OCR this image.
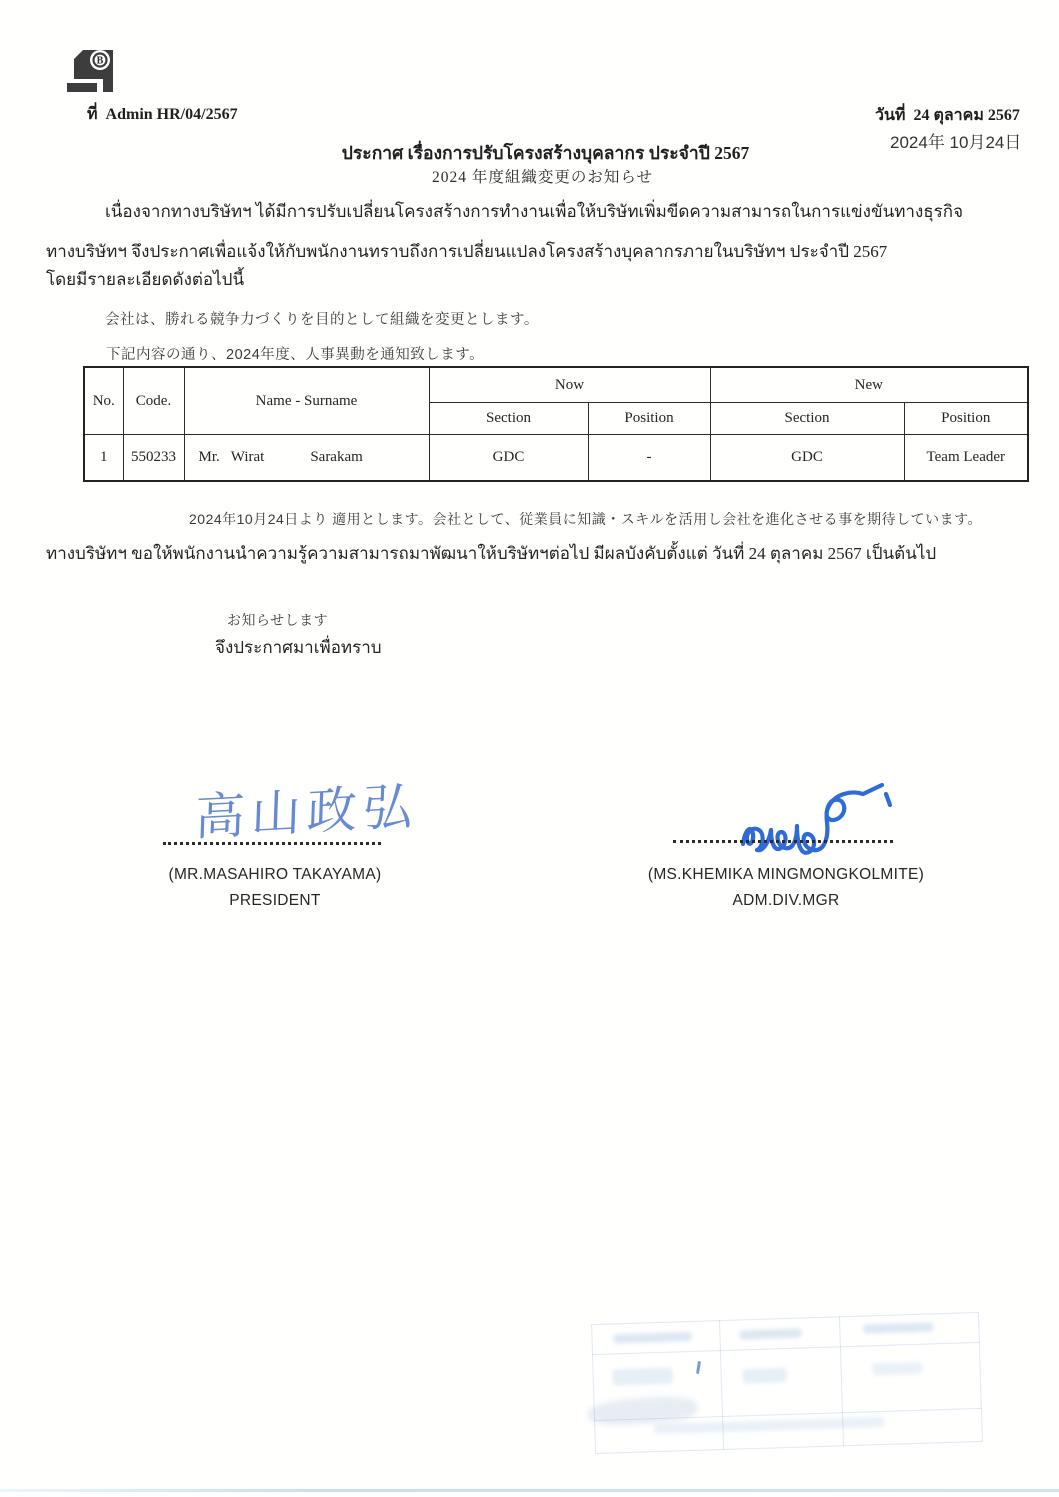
B
ที่  Admin HR/04/2567	วันที่  24 ตุลาคม 2567
2024年 10月24日
ประกาศ เรื่องการปรับโครงสร้างบุคลากร ประจำปี 2567
2024 年度組織変更のお知らせ
เนื่องจากทางบริษัทฯ ได้มีการปรับเปลี่ยนโครงสร้างการทำงานเพื่อให้บริษัทเพิ่มขีดความสามารถในการแข่งขันทางธุรกิจ
ทางบริษัทฯ จึงประกาศเพื่อแจ้งให้กับพนักงานทราบถึงการเปลี่ยนแปลงโครงสร้างบุคลากรภายในบริษัทฯ ประจำปี 2567
โดยมีรายละเอียดดังต่อไปนี้
会社は、勝れる競争力づくりを目的として組織を変更とします。
下記内容の通り、2024年度、人事異動を通知致します。
No.	Code.	Name - Surname	Now		New	
			Section	Position	Section	Position
1	550233	Mr. Wirat Sarakam	GDC	-	GDC	Team Leader
2024年10月24日より 適用とします。会社として、従業員に知識・スキルを活用し会社を進化させる事を期待しています。
ทางบริษัทฯ ขอให้พนักงานนำความรู้ความสามารถมาพัฒนาให้บริษัทฯต่อไป มีผลบังคับตั้งแต่ วันที่ 24 ตุลาคม 2567 เป็นต้นไป
お知らせします
จึงประกาศมาเพื่อทราบ
高山政弘
(MR.MASAHIRO TAKAYAMA)
PRESIDENT
(MS.KHEMIKA MINGMONGKOLMITE)
ADM.DIV.MGR
